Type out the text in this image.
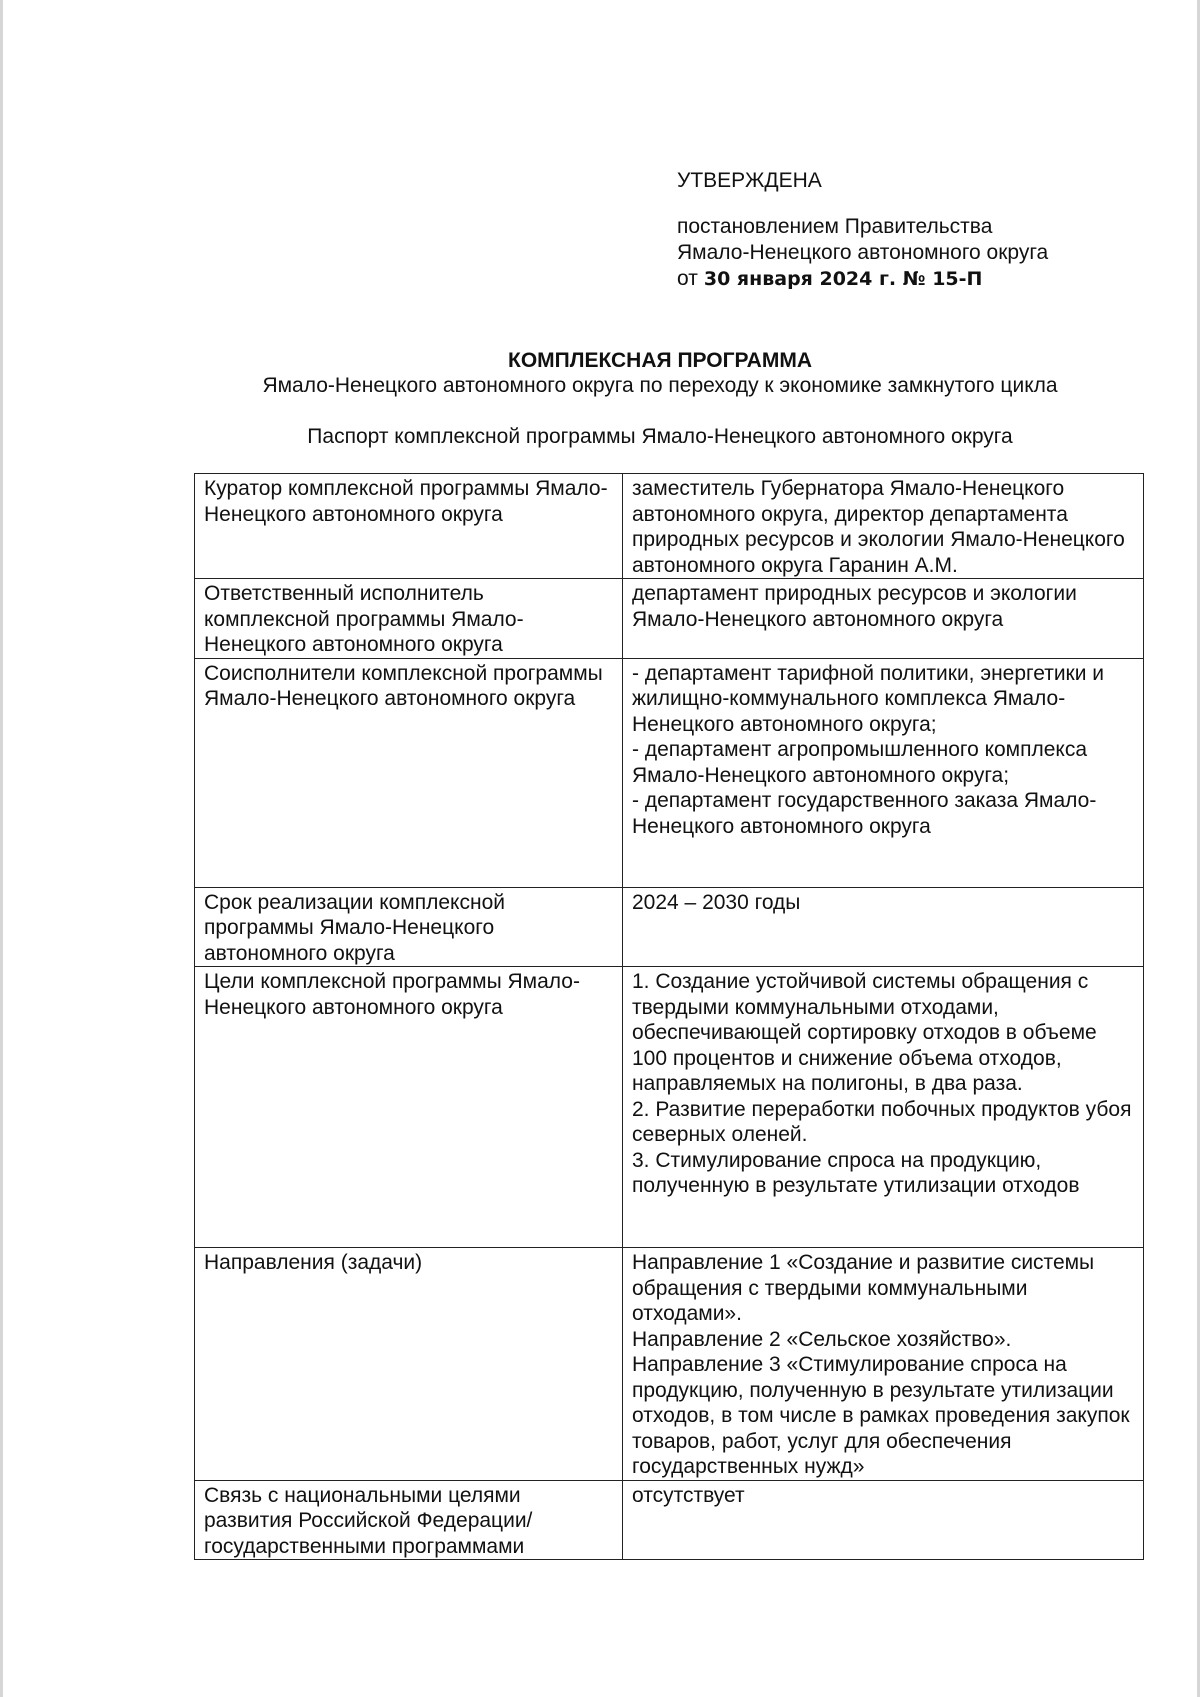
УТВЕРЖДЕНА
постановлением Правительства
Ямало-Ненецкого автономного округа
от 30 января 2024 г. № 15-П
КОМПЛЕКСНАЯ ПРОГРАММА
Ямало-Ненецкого автономного округа по переходу к экономике замкнутого цикла
Паспорт комплексной программы Ямало-Ненецкого автономного округа
Куратор комплексной программы Ямало-Ненецкого автономного округа	заместитель Губернатора Ямало-Ненецкого автономного округа, директор департамента природных ресурсов и экологии Ямало-Ненецкого автономного округа Гаранин А.М.

Ответственный исполнитель комплексной программы Ямало-Ненецкого автономного округа	департамент природных ресурсов и экологии Ямало-Ненецкого автономного округа

Соисполнители комплексной программы Ямало-Ненецкого автономного округа	- департамент тарифной политики, энергетики и жилищно-коммунального комплекса Ямало-Ненецкого автономного округа;
- департамент агропромышленного комплекса Ямало-Ненецкого автономного округа;
- департамент государственного заказа Ямало-Ненецкого автономного округа

Срок реализации комплексной программы Ямало-Ненецкого автономного округа	2024 – 2030 годы

Цели комплексной программы Ямало-Ненецкого автономного округа	1. Создание устойчивой системы обращения с твердыми коммунальными отходами, обеспечивающей сортировку отходов в объеме 100 процентов и снижение объема отходов, направляемых на полигоны, в два раза.
2. Развитие переработки побочных продуктов убоя северных оленей.
3. Стимулирование спроса на продукцию, полученную в результате утилизации отходов

Направления (задачи)	Направление 1 «Создание и развитие системы обращения с твердыми коммунальными отходами».
Направление 2 «Сельское хозяйство».
Направление 3 «Стимулирование спроса на продукцию, полученную в результате утилизации отходов, в том числе в рамках проведения закупок товаров, работ, услуг для обеспечения государственных нужд»

Связь с национальными целями развития Российской Федерации/ государственными программами	отсутствует
